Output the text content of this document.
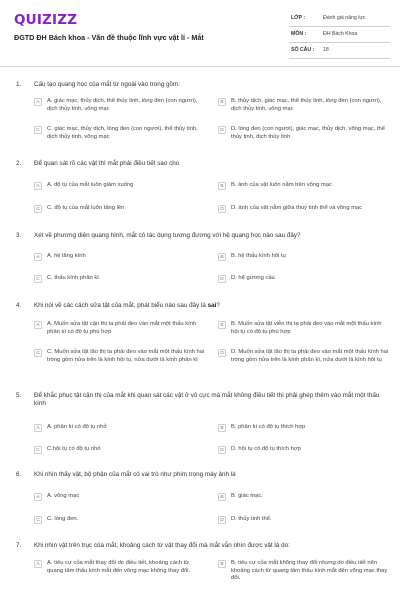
QUIZIZZ
ĐGTD ĐH Bách khoa - Vấn đề thuộc lĩnh vực vật lí - Mắt
LỚP :	Đánh giá năng lực
MÔN :	ĐH Bách Khoa
SỐ CÂU :	18
1. Cấu tạo quang học của mắt từ ngoài vào trong gồm:
A	A. giác mạc, thủy dịch, thể thủy tinh, lòng đen (con ngươi), dịch thủy tinh, võng mạc
B	B. thủy dịch, giác mạc, thể thủy tinh, lòng đen (con ngươi), dịch thủy tinh, võng mạc
C	C. giác mạc, thủy dịch, lòng đen (con ngươi), thể thủy tinh, dịch thủy tinh, võng mạc
D	D. lòng đen (con ngươi), giác mạc, thủy dịch, võng mạc, thể thủy tinh, dịch thủy tinh
2. Để quan sát rõ các vật thì mắt phải điều tiết sao cho
A	A. độ tụ của mắt luôn giảm xuống	B	B. ảnh của vật luôn nằm trên võng mạc
C	C. độ tụ của mắt luôn tăng lên	D	D. ảnh của vật nằm giữa thuỷ tinh thể và võng mạc
3. Xét về phương diện quang hình, mắt có tác dụng tương đương với hệ quang học nào sau đây?
A	A. hệ lăng kính	B	B. hệ thấu kính hội tụ
C	C. thấu kính phân kì	D	D. hệ gương cầu
4. Khi nói về các cách sửa tật của mắt, phát biểu nào sau đây là sai?
A	A. Muốn sửa tật cận thị ta phải đeo vào mắt một thấu kính phân kì có độ tụ phù hợp
B	B. Muốn sửa tật viễn thị ta phải đeo vào mắt một thấu kính hội tụ có độ tụ phù hợp
C	C. Muốn sửa tật lão thị ta phải đeo vào mắt một thấu kính hai tròng gồm nửa trên là kính hội tụ, nửa dưới là kính phân kì
D	D. Muốn sửa tật lão thị ta phải đeo vào mắt một thấu kính hai tròng gồm nửa trên là kính phân kì, nửa dưới là kính hội tụ
5. Để khắc phục tật cận thị của mắt khi quan sát các vật ở vô cực mà mắt không điều tiết thì phải ghép thêm vào mắt một thấu kính
A	A. phân kì có độ tụ nhỏ	B	B. phân kì có độ tụ thích hợp
C	C.hội tụ có độ tụ nhỏ	D	D. hội tụ có độ tụ thích hợp
6. Khi nhìn thấy vật, bộ phận của mắt có vai trò như phim trong máy ảnh là
A	A. võng mạc	B	B. giác mạc.
C	C. lòng đen.	D	D. thủy tinh thể.
7. Khi nhìn vật trên trục của mắt, khoảng cách từ vật thay đổi mà mắt vẫn nhìn được vật là do:
A	A. tiêu cự của mắt thay đổi do điều tiết, khoảng cách từ quang tâm thấu kính mắt đến võng mạc không thay đổi.
B	B. tiêu cự của mắt không thay đổi nhưng do điều tiết nên khoảng cách từ quang tâm thấu kính mắt đến võng mạc thay đổi.
